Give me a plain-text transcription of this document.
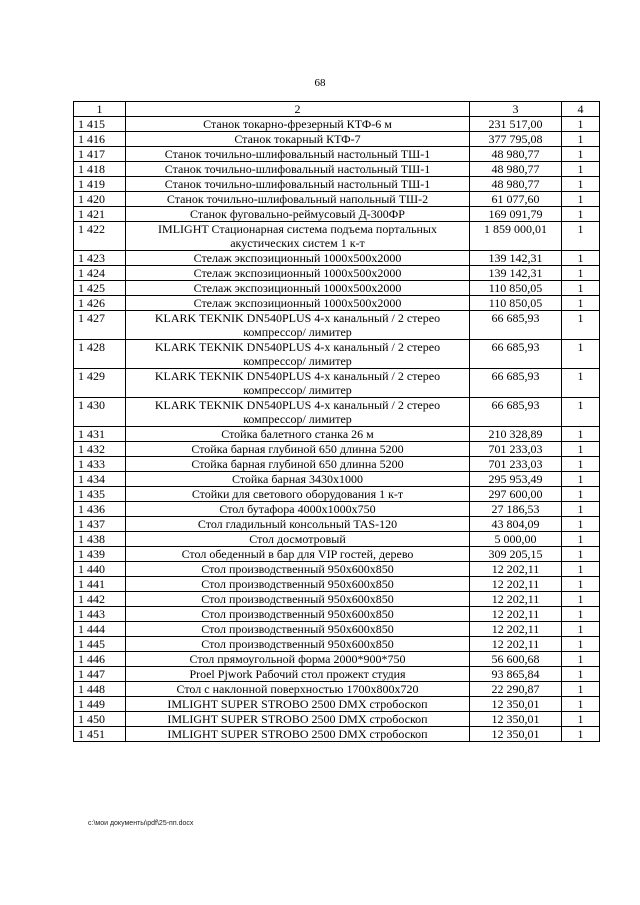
68
1	2	3	4
1 415	Станок токарно-фрезерный КТФ-6 м	231 517,00	1
1 416	Станок токарный КТФ-7	377 795,08	1
1 417	Станок точильно-шлифовальный настольный ТШ-1	48 980,77	1
1 418	Станок точильно-шлифовальный настольный ТШ-1	48 980,77	1
1 419	Станок точильно-шлифовальный настольный ТШ-1	48 980,77	1
1 420	Станок точильно-шлифовальный напольный ТШ-2	61 077,60	1
1 421	Станок фуговально-реймусовый Д-300ФР	169 091,79	1
1 422	IMLIGHT Стационарная система подъема портальных акустических систем 1 к-т	1 859 000,01	1
1 423	Стелаж экспозиционный 1000х500х2000	139 142,31	1
1 424	Стелаж экспозиционный 1000х500х2000	139 142,31	1
1 425	Стелаж экспозиционный 1000х500х2000	110 850,05	1
1 426	Стелаж экспозиционный 1000х500х2000	110 850,05	1
1 427	KLARK TEKNIK DN540PLUS 4-х канальный / 2 стерео компрессор/ лимитер	66 685,93	1
1 428	KLARK TEKNIK DN540PLUS 4-х канальный / 2 стерео компрессор/ лимитер	66 685,93	1
1 429	KLARK TEKNIK DN540PLUS 4-х канальный / 2 стерео компрессор/ лимитер	66 685,93	1
1 430	KLARK TEKNIK DN540PLUS 4-х канальный / 2 стерео компрессор/ лимитер	66 685,93	1
1 431	Стойка балетного станка 26 м	210 328,89	1
1 432	Стойка барная глубиной 650 длинна 5200	701 233,03	1
1 433	Стойка барная глубиной 650 длинна 5200	701 233,03	1
1 434	Стойка барная 3430х1000	295 953,49	1
1 435	Стойки для светового оборудования 1 к-т	297 600,00	1
1 436	Стол бутафора 4000х1000х750	27 186,53	1
1 437	Стол гладильный консольный TAS-120	43 804,09	1
1 438	Стол досмотровый	5 000,00	1
1 439	Стол обеденный в бар для VIP гостей, дерево	309 205,15	1
1 440	Стол производственный 950х600х850	12 202,11	1
1 441	Стол производственный 950х600х850	12 202,11	1
1 442	Стол производственный 950х600х850	12 202,11	1
1 443	Стол производственный 950х600х850	12 202,11	1
1 444	Стол производственный 950х600х850	12 202,11	1
1 445	Стол производственный 950х600х850	12 202,11	1
1 446	Стол прямоугольной форма 2000*900*750	56 600,68	1
1 447	Proel Pjwork Рабочий стол прожект студия	93 865,84	1
1 448	Стол с наклонной поверхностью 1700х800х720	22 290,87	1
1 449	IMLIGHT SUPER STROBO 2500 DMX стробоскоп	12 350,01	1
1 450	IMLIGHT SUPER STROBO 2500 DMX стробоскоп	12 350,01	1
1 451	IMLIGHT SUPER STROBO 2500 DMX стробоскоп	12 350,01	1
c:\мои документы\pdf\25-пп.docx
